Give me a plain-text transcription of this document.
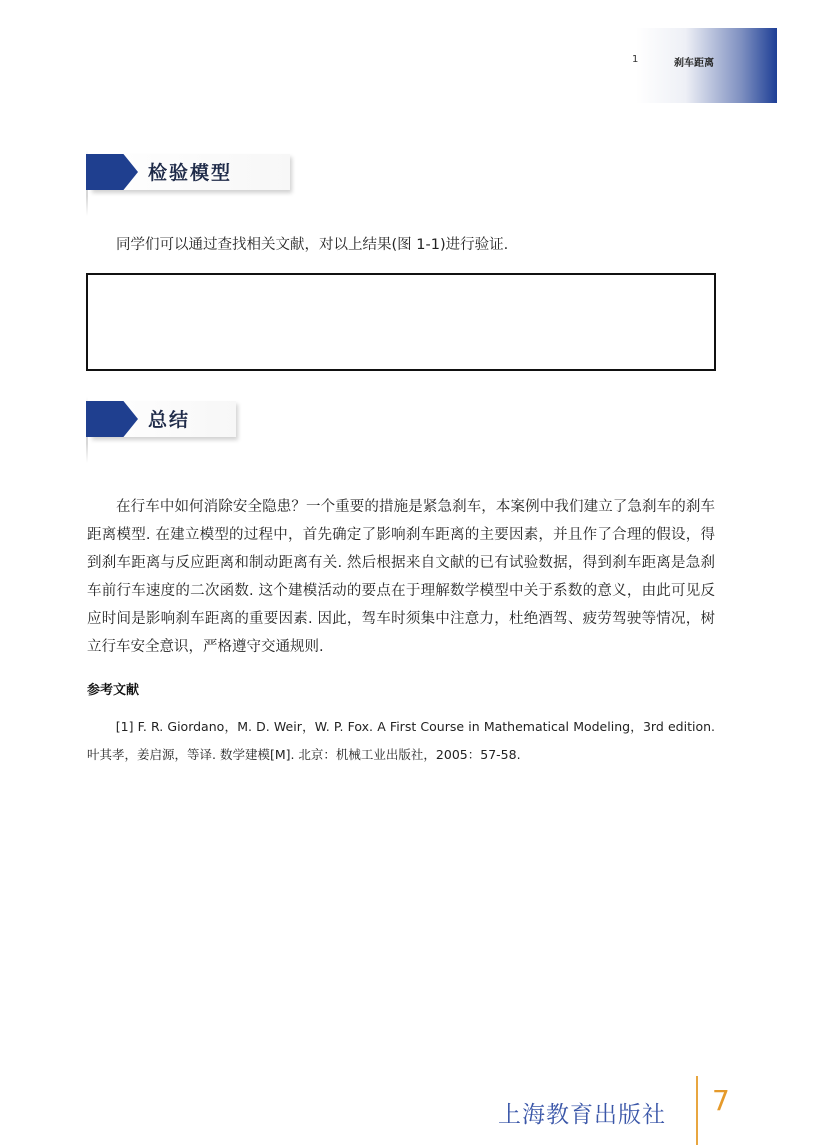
1	刹车距离
检验模型
同学们可以通过查找相关文献，对以上结果(图 1-1)进行验证.
总结

在行车中如何消除安全隐患？一个重要的措施是紧急刹车，本案例中我们建立了急刹车的刹车距离模型. 在建立模型的过程中，首先确定了影响刹车距离的主要因素，并且作了合理的假设，得到刹车距离与反应距离和制动距离有关. 然后根据来自文献的已有试验数据，得到刹车距离是急刹车前行车速度的二次函数. 这个建模活动的要点在于理解数学模型中关于系数的意义，由此可见反应时间是影响刹车距离的重要因素. 因此，驾车时须集中注意力，杜绝酒驾、疲劳驾驶等情况，树立行车安全意识，严格遵守交通规则.

参考文献
[1] F. R. Giordano，M. D. Weir，W. P. Fox. A First Course in Mathematical Modeling，3rd edition. 叶其孝，姜启源，等译. 数学建模[M]. 北京：机械工业出版社，2005：57-58.
上海教育出版社 7
